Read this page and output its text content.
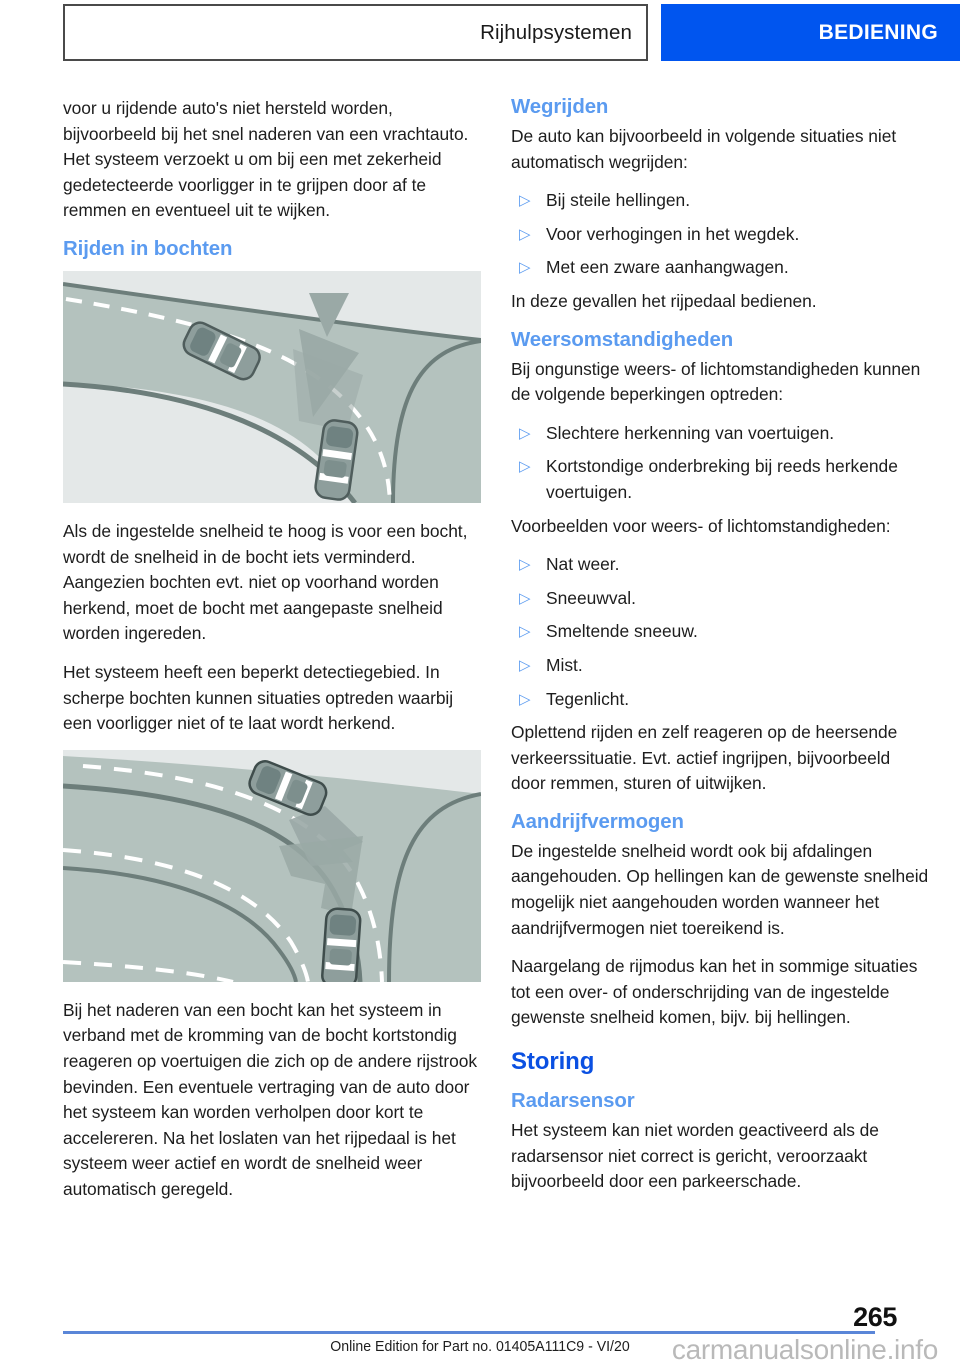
Rijhulpsystemen	BEDIENING

voor u rijdende auto's niet hersteld worden, bijvoorbeeld bij het snel naderen van een vrachtauto. Het systeem verzoekt u om bij een met zekerheid gedetecteerde voorligger in te grijpen door af te remmen en eventueel uit te wijken.

Rijden in bochten

Als de ingestelde snelheid te hoog is voor een bocht, wordt de snelheid in de bocht iets verminderd. Aangezien bochten evt. niet op voorhand worden herkend, moet de bocht met aangepaste snelheid worden ingereden.

Het systeem heeft een beperkt detectiegebied. In scherpe bochten kunnen situaties optreden waarbij een voorligger niet of te laat wordt herkend.

Bij het naderen van een bocht kan het systeem in verband met de kromming van de bocht kortstondig reageren op voertuigen die zich op de andere rijstrook bevinden. Een eventuele vertraging van de auto door het systeem kan worden verholpen door kort te accelereren. Na het loslaten van het rijpedaal is het systeem weer actief en wordt de snelheid weer automatisch geregeld.

Wegrijden

De auto kan bijvoorbeeld in volgende situaties niet automatisch wegrijden:

▷ Bij steile hellingen.
▷ Voor verhogingen in het wegdek.
▷ Met een zware aanhangwagen.

In deze gevallen het rijpedaal bedienen.

Weersomstandigheden

Bij ongunstige weers- of lichtomstandigheden kunnen de volgende beperkingen optreden:

▷ Slechtere herkenning van voertuigen.
▷ Kortstondige onderbreking bij reeds herkende voertuigen.

Voorbeelden voor weers- of lichtomstandigheden:

▷ Nat weer.
▷ Sneeuwval.
▷ Smeltende sneeuw.
▷ Mist.
▷ Tegenlicht.

Oplettend rijden en zelf reageren op de heersende verkeerssituatie. Evt. actief ingrijpen, bijvoorbeeld door remmen, sturen of uitwijken.

Aandrijfvermogen

De ingestelde snelheid wordt ook bij afdalingen aangehouden. Op hellingen kan de gewenste snelheid mogelijk niet aangehouden worden wanneer het aandrijfvermogen niet toereikend is.

Naargelang de rijmodus kan het in sommige situaties tot een over- of onderschrijding van de ingestelde gewenste snelheid komen, bijv. bij hellingen.

Storing
Radarsensor

Het systeem kan niet worden geactiveerd als de radarsensor niet correct is gericht, veroorzaakt bijvoorbeeld door een parkeerschade.

265
Online Edition for Part no. 01405A111C9 - VI/20	carmanualsonline.info
